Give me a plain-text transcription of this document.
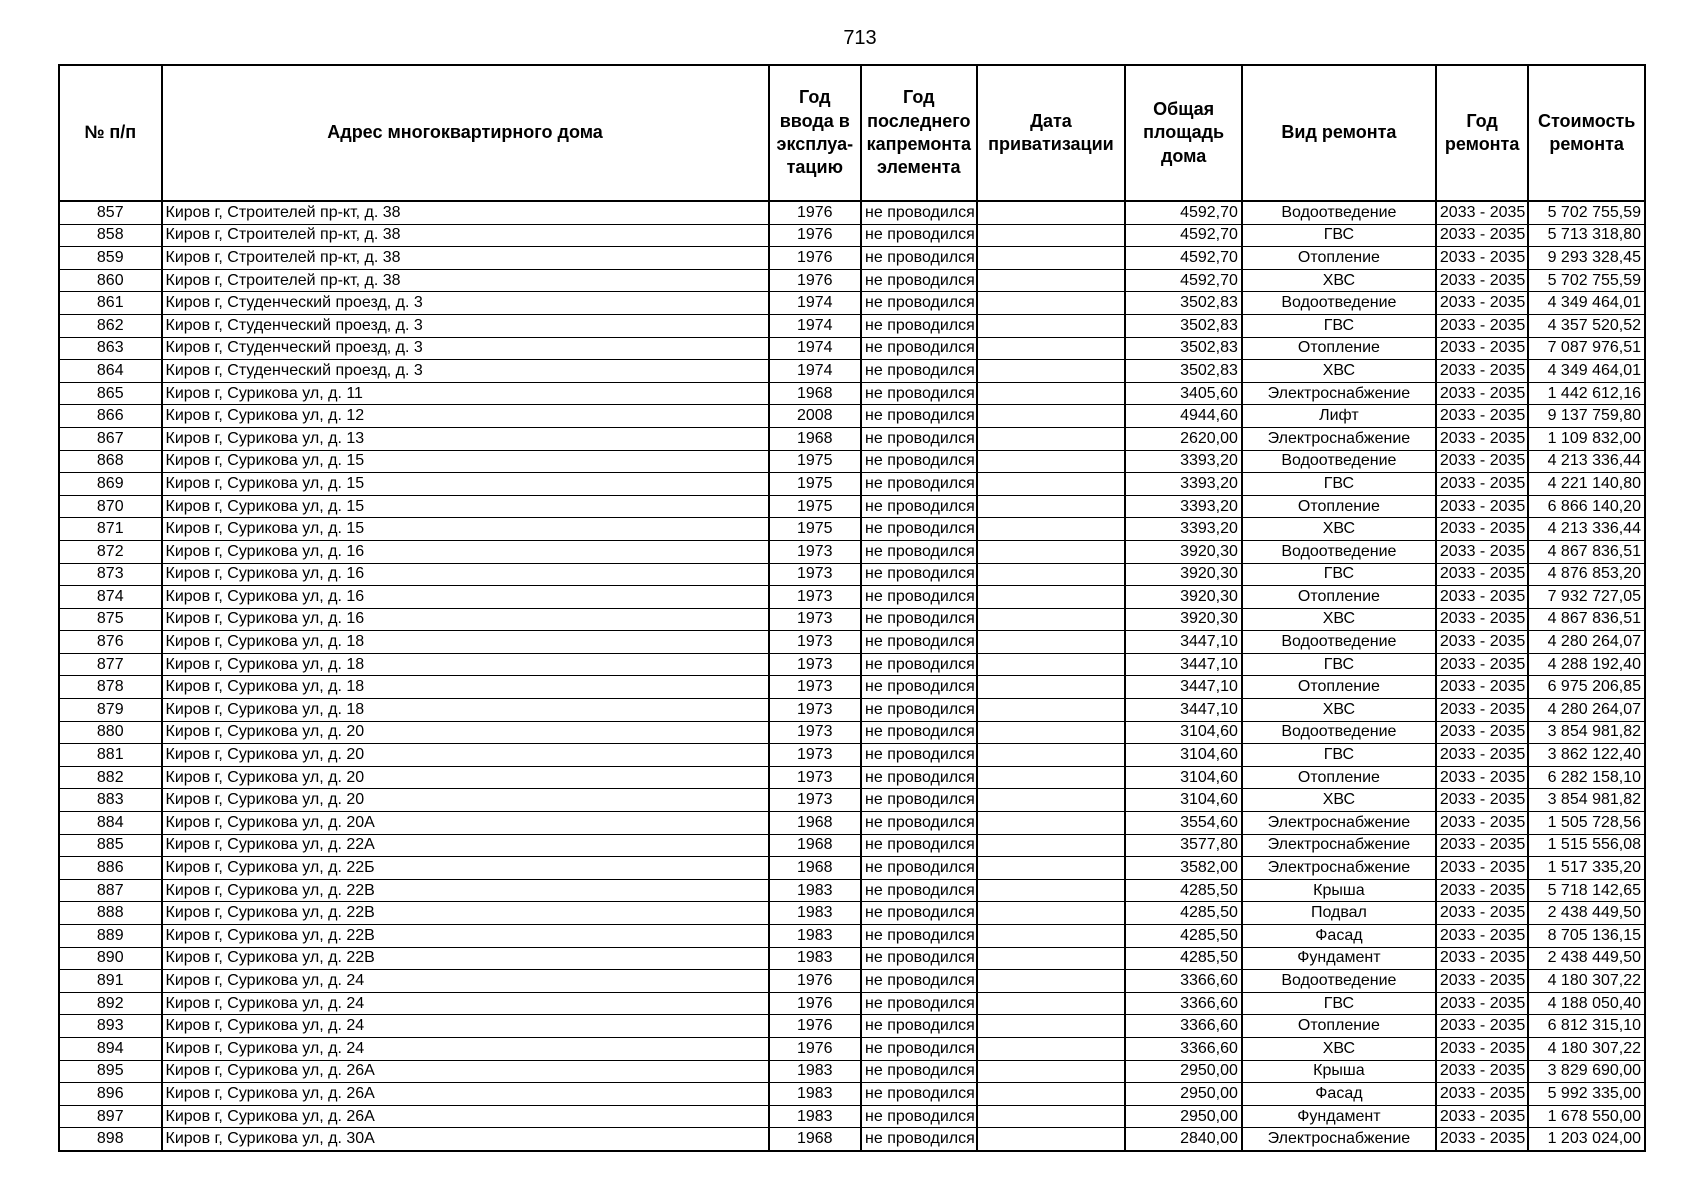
713
№ п/п	Адрес многоквартирного дома	Год ввода в эксплуа-тацию	Год последнего капремонта элемента	Дата приватизации	Общая площадь дома	Вид ремонта	Год ремонта	Стоимость ремонта
857	Киров г, Строителей пр-кт, д. 38	1976	не проводился		4592,70	Водоотведение	2033 - 2035	5 702 755,59
858	Киров г, Строителей пр-кт, д. 38	1976	не проводился		4592,70	ГВС	2033 - 2035	5 713 318,80
859	Киров г, Строителей пр-кт, д. 38	1976	не проводился		4592,70	Отопление	2033 - 2035	9 293 328,45
860	Киров г, Строителей пр-кт, д. 38	1976	не проводился		4592,70	ХВС	2033 - 2035	5 702 755,59
861	Киров г, Студенческий проезд, д. 3	1974	не проводился		3502,83	Водоотведение	2033 - 2035	4 349 464,01
862	Киров г, Студенческий проезд, д. 3	1974	не проводился		3502,83	ГВС	2033 - 2035	4 357 520,52
863	Киров г, Студенческий проезд, д. 3	1974	не проводился		3502,83	Отопление	2033 - 2035	7 087 976,51
864	Киров г, Студенческий проезд, д. 3	1974	не проводился		3502,83	ХВС	2033 - 2035	4 349 464,01
865	Киров г, Сурикова ул, д. 11	1968	не проводился		3405,60	Электроснабжение	2033 - 2035	1 442 612,16
866	Киров г, Сурикова ул, д. 12	2008	не проводился		4944,60	Лифт	2033 - 2035	9 137 759,80
867	Киров г, Сурикова ул, д. 13	1968	не проводился		2620,00	Электроснабжение	2033 - 2035	1 109 832,00
868	Киров г, Сурикова ул, д. 15	1975	не проводился		3393,20	Водоотведение	2033 - 2035	4 213 336,44
869	Киров г, Сурикова ул, д. 15	1975	не проводился		3393,20	ГВС	2033 - 2035	4 221 140,80
870	Киров г, Сурикова ул, д. 15	1975	не проводился		3393,20	Отопление	2033 - 2035	6 866 140,20
871	Киров г, Сурикова ул, д. 15	1975	не проводился		3393,20	ХВС	2033 - 2035	4 213 336,44
872	Киров г, Сурикова ул, д. 16	1973	не проводился		3920,30	Водоотведение	2033 - 2035	4 867 836,51
873	Киров г, Сурикова ул, д. 16	1973	не проводился		3920,30	ГВС	2033 - 2035	4 876 853,20
874	Киров г, Сурикова ул, д. 16	1973	не проводился		3920,30	Отопление	2033 - 2035	7 932 727,05
875	Киров г, Сурикова ул, д. 16	1973	не проводился		3920,30	ХВС	2033 - 2035	4 867 836,51
876	Киров г, Сурикова ул, д. 18	1973	не проводился		3447,10	Водоотведение	2033 - 2035	4 280 264,07
877	Киров г, Сурикова ул, д. 18	1973	не проводился		3447,10	ГВС	2033 - 2035	4 288 192,40
878	Киров г, Сурикова ул, д. 18	1973	не проводился		3447,10	Отопление	2033 - 2035	6 975 206,85
879	Киров г, Сурикова ул, д. 18	1973	не проводился		3447,10	ХВС	2033 - 2035	4 280 264,07
880	Киров г, Сурикова ул, д. 20	1973	не проводился		3104,60	Водоотведение	2033 - 2035	3 854 981,82
881	Киров г, Сурикова ул, д. 20	1973	не проводился		3104,60	ГВС	2033 - 2035	3 862 122,40
882	Киров г, Сурикова ул, д. 20	1973	не проводился		3104,60	Отопление	2033 - 2035	6 282 158,10
883	Киров г, Сурикова ул, д. 20	1973	не проводился		3104,60	ХВС	2033 - 2035	3 854 981,82
884	Киров г, Сурикова ул, д. 20А	1968	не проводился		3554,60	Электроснабжение	2033 - 2035	1 505 728,56
885	Киров г, Сурикова ул, д. 22А	1968	не проводился		3577,80	Электроснабжение	2033 - 2035	1 515 556,08
886	Киров г, Сурикова ул, д. 22Б	1968	не проводился		3582,00	Электроснабжение	2033 - 2035	1 517 335,20
887	Киров г, Сурикова ул, д. 22В	1983	не проводился		4285,50	Крыша	2033 - 2035	5 718 142,65
888	Киров г, Сурикова ул, д. 22В	1983	не проводился		4285,50	Подвал	2033 - 2035	2 438 449,50
889	Киров г, Сурикова ул, д. 22В	1983	не проводился		4285,50	Фасад	2033 - 2035	8 705 136,15
890	Киров г, Сурикова ул, д. 22В	1983	не проводился		4285,50	Фундамент	2033 - 2035	2 438 449,50
891	Киров г, Сурикова ул, д. 24	1976	не проводился		3366,60	Водоотведение	2033 - 2035	4 180 307,22
892	Киров г, Сурикова ул, д. 24	1976	не проводился		3366,60	ГВС	2033 - 2035	4 188 050,40
893	Киров г, Сурикова ул, д. 24	1976	не проводился		3366,60	Отопление	2033 - 2035	6 812 315,10
894	Киров г, Сурикова ул, д. 24	1976	не проводился		3366,60	ХВС	2033 - 2035	4 180 307,22
895	Киров г, Сурикова ул, д. 26А	1983	не проводился		2950,00	Крыша	2033 - 2035	3 829 690,00
896	Киров г, Сурикова ул, д. 26А	1983	не проводился		2950,00	Фасад	2033 - 2035	5 992 335,00
897	Киров г, Сурикова ул, д. 26А	1983	не проводился		2950,00	Фундамент	2033 - 2035	1 678 550,00
898	Киров г, Сурикова ул, д. 30А	1968	не проводился		2840,00	Электроснабжение	2033 - 2035	1 203 024,00
